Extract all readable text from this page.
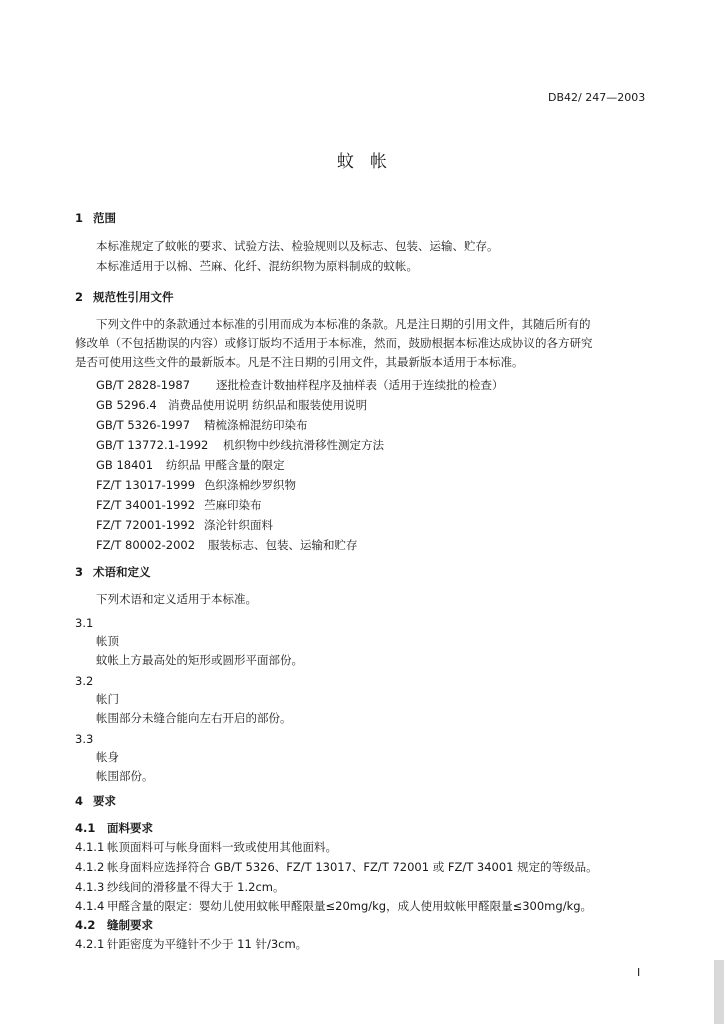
DB42/ 247—2003
蚊帐
1 范围
本标准规定了蚊帐的要求、试验方法、检验规则以及标志、包装、运输、贮存。
本标准适用于以棉、苎麻、化纤、混纺织物为原料制成的蚊帐。
2 规范性引用文件
下列文件中的条款通过本标准的引用而成为本标准的条款。凡是注日期的引用文件，其随后所有的
修改单（不包括勘误的内容）或修订版均不适用于本标准，然而，鼓励根据本标准达成协议的各方研究
是否可使用这些文件的最新版本。凡是不注日期的引用文件，其最新版本适用于本标准。
GB/T 2828-1987 逐批检查计数抽样程序及抽样表（适用于连续批的检查）
GB 5296.4 消费品使用说明 纺织品和服装使用说明
GB/T 5326-1997 精梳涤棉混纺印染布
GB/T 13772.1-1992 机织物中纱线抗滑移性测定方法
GB 18401 纺织品 甲醛含量的限定
FZ/T 13017-1999 色织涤棉纱罗织物
FZ/T 34001-1992 苎麻印染布
FZ/T 72001-1992 涤沦针织面料
FZ/T 80002-2002 服装标志、包装、运输和贮存
3 术语和定义
下列术语和定义适用于本标准。
3.1
帐顶
蚊帐上方最高处的矩形或圆形平面部份。
3.2
帐门
帐围部分未缝合能向左右开启的部份。
3.3
帐身
帐围部份。
4 要求
4.1 面料要求
4.1.1 帐顶面料可与帐身面料一致或使用其他面料。
4.1.2 帐身面料应选择符合 GB/T 5326、FZ/T 13017、FZ/T 72001 或 FZ/T 34001 规定的等级品。
4.1.3 纱线间的滑移量不得大于 1.2cm。
4.1.4 甲醛含量的限定：婴幼儿使用蚊帐甲醛限量≤20mg/kg，成人使用蚊帐甲醛限量≤300mg/kg。
4.2 缝制要求
4.2.1 针距密度为平缝针不少于 11 针/3cm。
I
